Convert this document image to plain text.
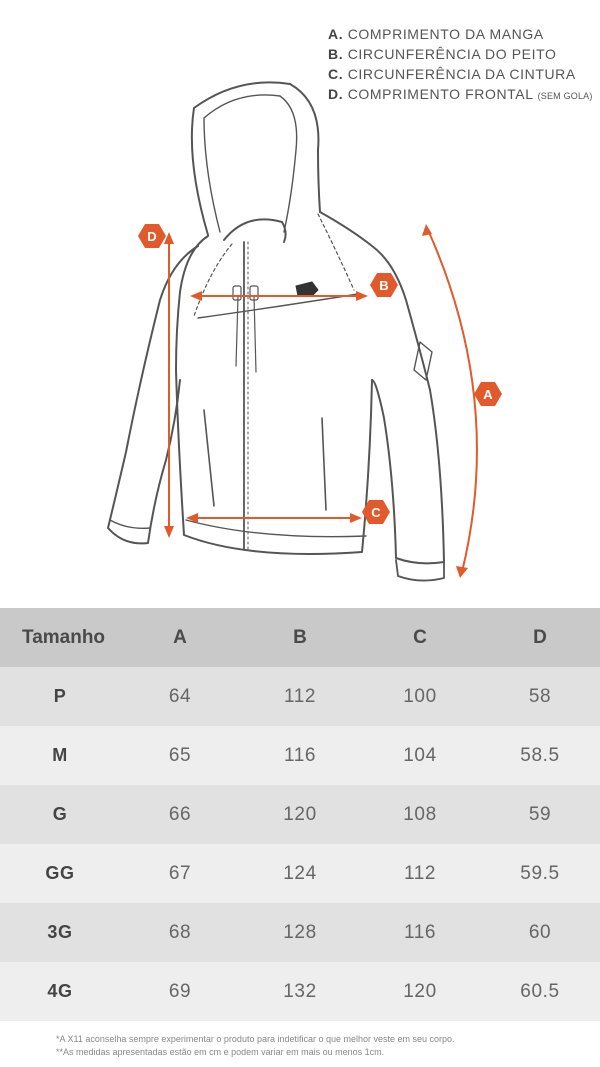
A. COMPRIMENTO DA MANGA
B. CIRCUNFERÊNCIA DO PEITO
C. CIRCUNFERÊNCIA DA CINTURA
D. COMPRIMENTO FRONTAL (SEM GOLA)
D
B
C
A
Tamanho	A	B	C	D
P	64	112	100	58
M	65	116	104	58.5
G	66	120	108	59
GG	67	124	112	59.5
3G	68	128	116	60
4G	69	132	120	60.5
*A X11 aconselha sempre experimentar o produto para indetificar o que melhor veste em seu corpo.
**As medidas apresentadas estão em cm e podem variar em mais ou menos 1cm.
